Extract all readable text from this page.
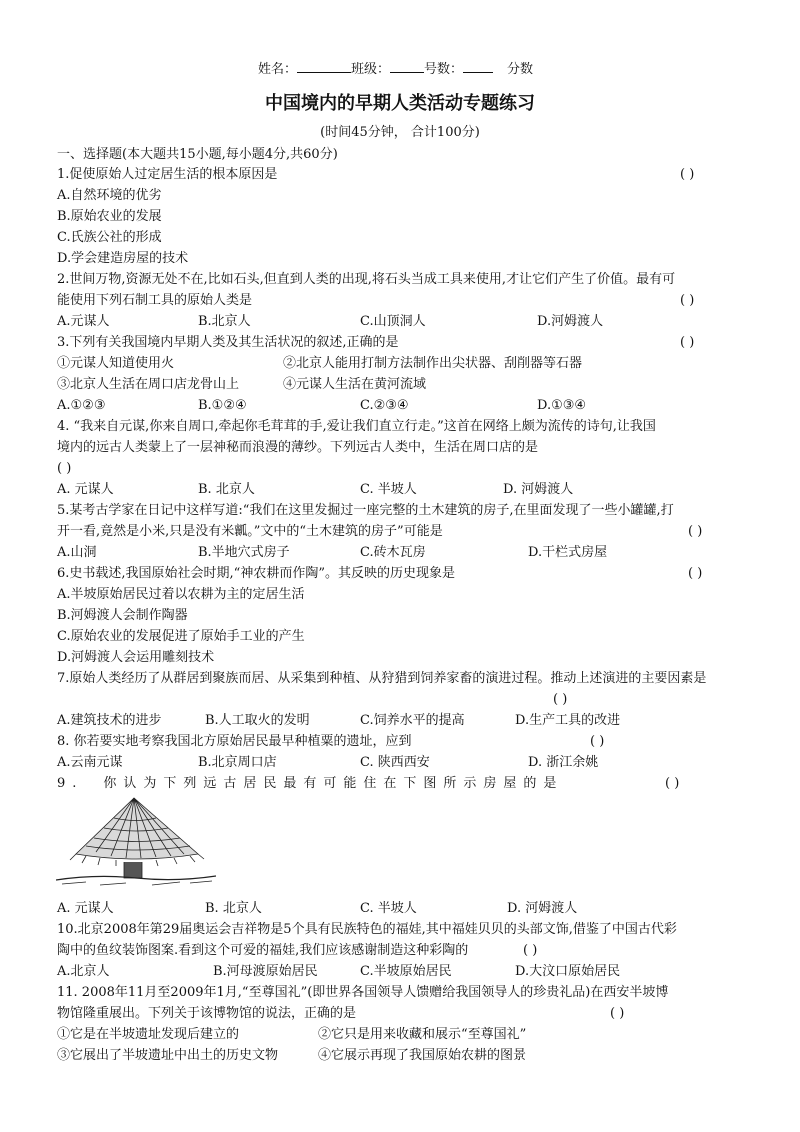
姓名：	班级：	号数：	分数
中国境内的早期人类活动专题练习
(时间45分钟， 合计100分)
一、选择题(本大题共15小题,每小题4分,共60分)
1.促使原始人过定居生活的根本原因是	( )
A.自然环境的优劣
B.原始农业的发展
C.氏族公社的形成
D.学会建造房屋的技术
2.世间万物,资源无处不在,比如石头,但直到人类的出现,将石头当成工具来使用,才让它们产生了价值。最有可
能使用下列石制工具的原始人类是	( )
A.元谋人	B.北京人	C.山顶洞人	D.河姆渡人
3.下列有关我国境内早期人类及其生活状况的叙述,正确的是	( )
①元谋人知道使用火	②北京人能用打制方法制作出尖状器、刮削器等石器
③北京人生活在周口店龙骨山上	④元谋人生活在黄河流域
A.①②③	B.①②④	C.②③④	D.①③④
4. “我来自元谋,你来自周口,牵起你毛茸茸的手,爱让我们直立行走。”这首在网络上颇为流传的诗句,让我国
境内的远古人类蒙上了一层神秘而浪漫的薄纱。下列远古人类中，生活在周口店的是
( )
A. 元谋人	B. 北京人	C. 半坡人	D. 河姆渡人
5.某考古学家在日记中这样写道:“我们在这里发掘过一座完整的土木建筑的房子,在里面发现了一些小罐罐,打
开一看,竟然是小米,只是没有米瓤。”文中的“土木建筑的房子”可能是	( )
A.山洞	B.半地穴式房子	C.砖木瓦房	D.干栏式房屋
6.史书载述,我国原始社会时期,“神农耕而作陶”。其反映的历史现象是	( )
A.半坡原始居民过着以农耕为主的定居生活
B.河姆渡人会制作陶器
C.原始农业的发展促进了原始手工业的产生
D.河姆渡人会运用雕刻技术
7.原始人类经历了从群居到聚族而居、从采集到种植、从狩猎到饲养家畜的演进过程。推动上述演进的主要因素是
( )
A.建筑技术的进步	B.人工取火的发明	C.饲养水平的提高	D.生产工具的改进
8. 你若要实地考察我国北方原始居民最早种植粟的遗址，应到	( )
A.云南元谋	B.北京周口店	C. 陕西西安	D. 浙江余姚
9.　你认为下列远古居民最有可能住在下图所示房屋的是	( )
A. 元谋人	B. 北京人	C. 半坡人	D. 河姆渡人
10.北京2008年第29届奥运会吉祥物是5个具有民族特色的福娃,其中福娃贝贝的头部文饰,借鉴了中国古代彩
陶中的鱼纹装饰图案.看到这个可爱的福娃,我们应该感谢制造这种彩陶的	( )
A.北京人	B.河母渡原始居民	C.半坡原始居民	D.大汶口原始居民
11. 2008年11月至2009年1月,“至尊国礼”(即世界各国领导人馈赠给我国领导人的珍贵礼品)在西安半坡博
物馆隆重展出。下列关于该博物馆的说法，正确的是	( )
①它是在半坡遗址发现后建立的	②它只是用来收藏和展示“至尊国礼”
③它展出了半坡遗址中出土的历史文物	④它展示再现了我国原始农耕的图景
